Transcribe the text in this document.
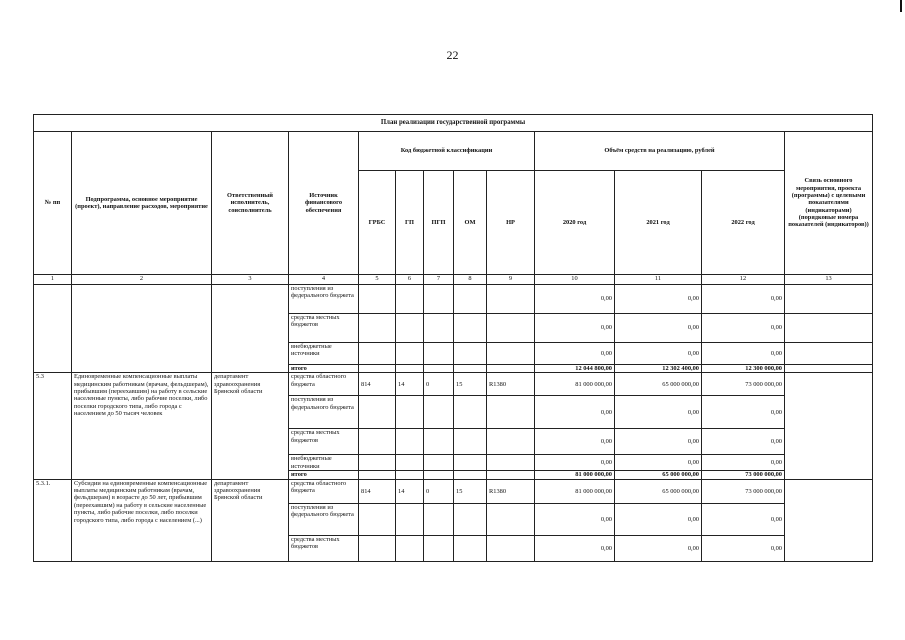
22
План реализации государственной программы												
№ пп	Подпрограмма, основное мероприятие (проект), направление расходов, мероприятие	Ответственный исполнитель, соисполнитель	Источник финансового обеспечения	Код бюджетной классификации					Объём средств на реализацию, рублей			Связь основного мероприятия, проекта (программы) с целевыми показателями (индикаторами) (порядковые номера показателей (индикаторов))
				ГРБС	ГП	ПГП	ОМ	НР	2020 год	2021 год	2022 год	
1	2	3	4	5	6	7	8	9	10	11	12	13
			поступления из федерального бюджета						0,00	0,00	0,00	
			средства местных бюджетов						0,00	0,00	0,00	
			внебюджетные источники						0,00	0,00	0,00	
			итого						12 044 800,00	12 302 400,00	12 300 000,00	
5.3	Единовременные компенсационные выплаты медицинским работникам (врачам, фельдшерам), прибывшим (переехавшим) на работу в сельские населенные пункты, либо рабочие поселки, либо поселки городского типа, либо города с населением до 50 тысяч человек	департамент здравоохранения Брянской области	средства областного бюджета	814	14	0	15	R1380	81 000 000,00	65 000 000,00	73 000 000,00	
			поступления из федерального бюджета						0,00	0,00	0,00	
			средства местных бюджетов						0,00	0,00	0,00	
			внебюджетные источники						0,00	0,00	0,00	
			итого						81 000 000,00	65 000 000,00	73 000 000,00	
5.3.1.	Субсидии на единовременные компенсационные выплаты медицинским работникам (врачам, фельдшерам) в возрасте до 50 лет, прибывшим (переехавшим) на работу в сельские населенные пункты, либо рабочие поселки, либо поселки городского типа, либо города с населением (...)	департамент здравоохранения Брянской области	средства областного бюджета	814	14	0	15	R1380	81 000 000,00	65 000 000,00	73 000 000,00	
			поступления из федерального бюджета						0,00	0,00	0,00	
			средства местных бюджетов						0,00	0,00	0,00	
